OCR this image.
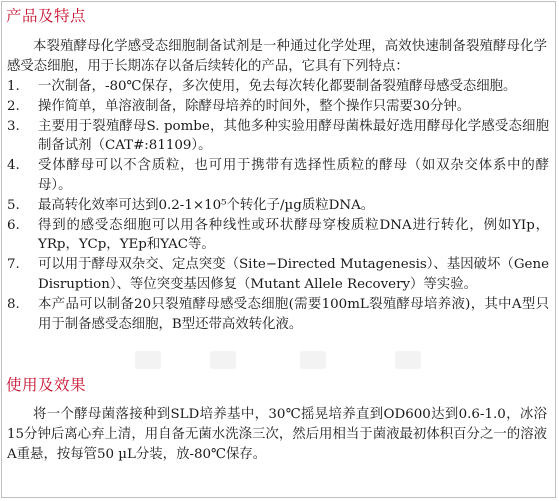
产品及特点

本裂殖酵母化学感受态细胞制备试剂是一种通过化学处理，高效快速制备裂殖酵母化学感受态细胞，用于长期冻存以备后续转化的产品，它具有下列特点：

1. 一次制备，-80℃保存，多次使用，免去每次转化都要制备裂殖酵母感受态细胞。
2. 操作简单，单溶液制备，除酵母培养的时间外，整个操作只需要30分钟。
3. 主要用于裂殖酵母S. pombe，其他多种实验用酵母菌株最好选用酵母化学感受态细胞制备试剂（CAT#:81109）。
4. 受体酵母可以不含质粒，也可用于携带有选择性质粒的酵母（如双杂交体系中的酵母）。
5. 最高转化效率可达到0.2-1×10⁵个转化子/µg质粒DNA。
6. 得到的感受态细胞可以用各种线性或环状酵母穿梭质粒DNA进行转化，例如YIp，YRp，YCp，YEp和YAC等。
7. 可以用于酵母双杂交、定点突变（Site−Directed Mutagenesis）、基因破坏（Gene Disruption）、等位突变基因修复（Mutant Allele Recovery）等实验。
8. 本产品可以制备20只裂殖酵母感受态细胞(需要100mL裂殖酵母培养液)，其中A型只用于制备感受态细胞，B型还带高效转化液。
使用及效果

将一个酵母菌落接种到SLD培养基中，30℃摇晃培养直到OD600达到0.6-1.0，冰浴15分钟后离心弃上清，用自备无菌水洗涤三次，然后用相当于菌液最初体积百分之一的溶液A重悬，按每管50 µL分装，放-80℃保存。
